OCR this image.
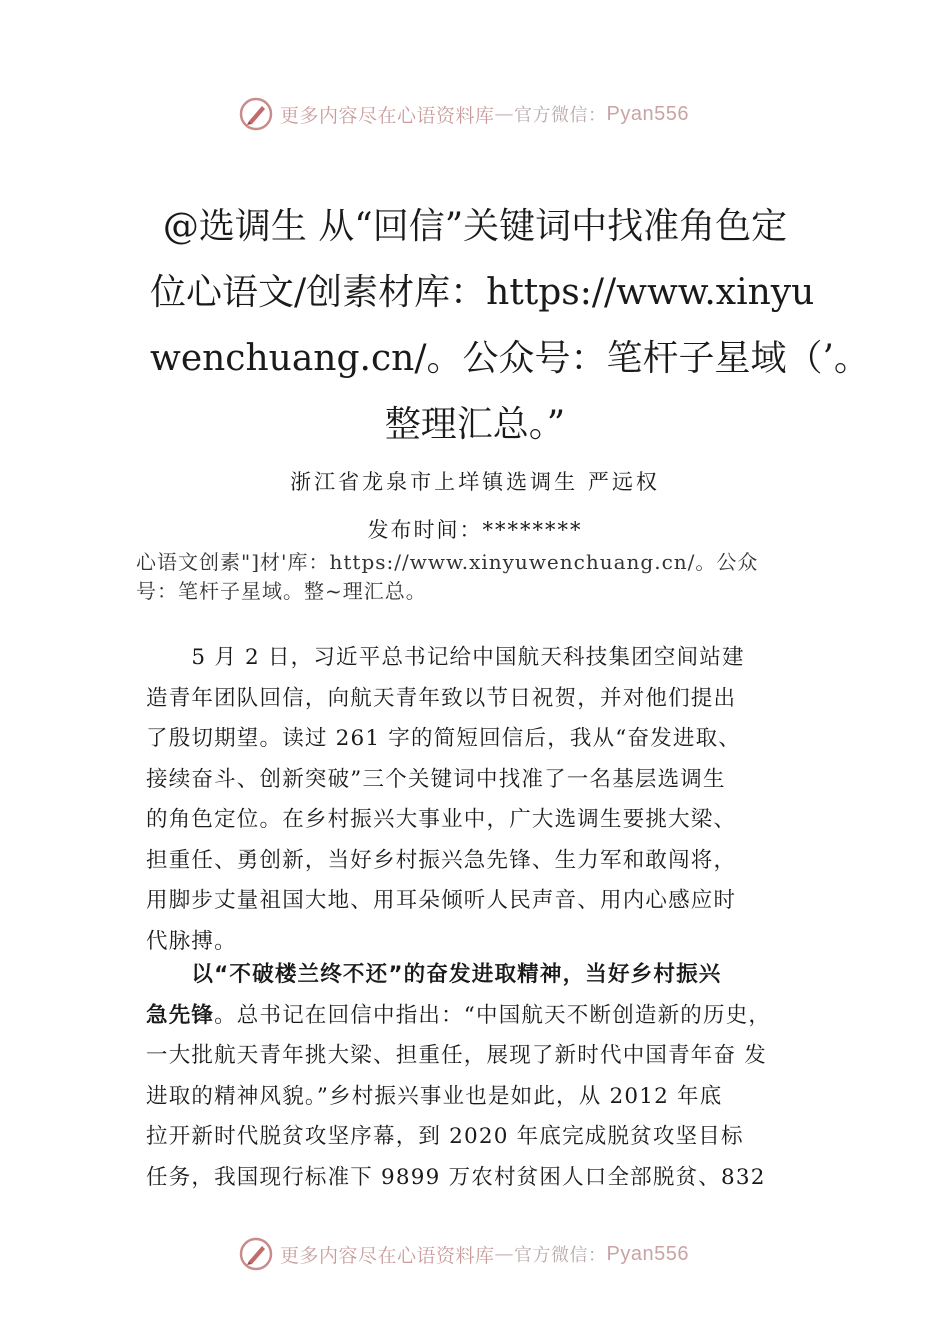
更多内容尽在心语资料库 — 官方微信： Pyan556
@选调生 从“回信”关键词中找准角色定
位心语文/创素材库：https://www.xinyu
wenchuang.cn/。公众号：笔杆子星域（’。
整理汇总。”
浙江省龙泉市上垟镇选调生 严远权
发布时间：********
心语文创素"]材'库：https://www.xinyuwenchuang.cn/。公众
号：笔杆子星域。整~理汇总。
　　5 月 2 日，习近平总书记给中国航天科技集团空间站建
造青年团队回信，向航天青年致以节日祝贺，并对他们提出
了殷切期望。读过 261 字的简短回信后，我从“奋发进取、
接续奋斗、创新突破”三个关键词中找准了一名基层选调生
的角色定位。在乡村振兴大事业中，广大选调生要挑大梁、
担重任、勇创新，当好乡村振兴急先锋、生力军和敢闯将，
用脚步丈量祖国大地、用耳朵倾听人民声音、用内心感应时
代脉搏。
　　以“不破楼兰终不还”的奋发进取精神，当好乡村振兴
急先锋。总书记在回信中指出：“中国航天不断创造新的历史，
一大批航天青年挑大梁、担重任，展现了新时代中国青年奋 发
进取的精神风貌。”乡村振兴事业也是如此，从 2012 年底
拉开新时代脱贫攻坚序幕，到 2020 年底完成脱贫攻坚目标
任务，我国现行标准下 9899 万农村贫困人口全部脱贫、832
更多内容尽在心语资料库 — 官方微信： Pyan556
